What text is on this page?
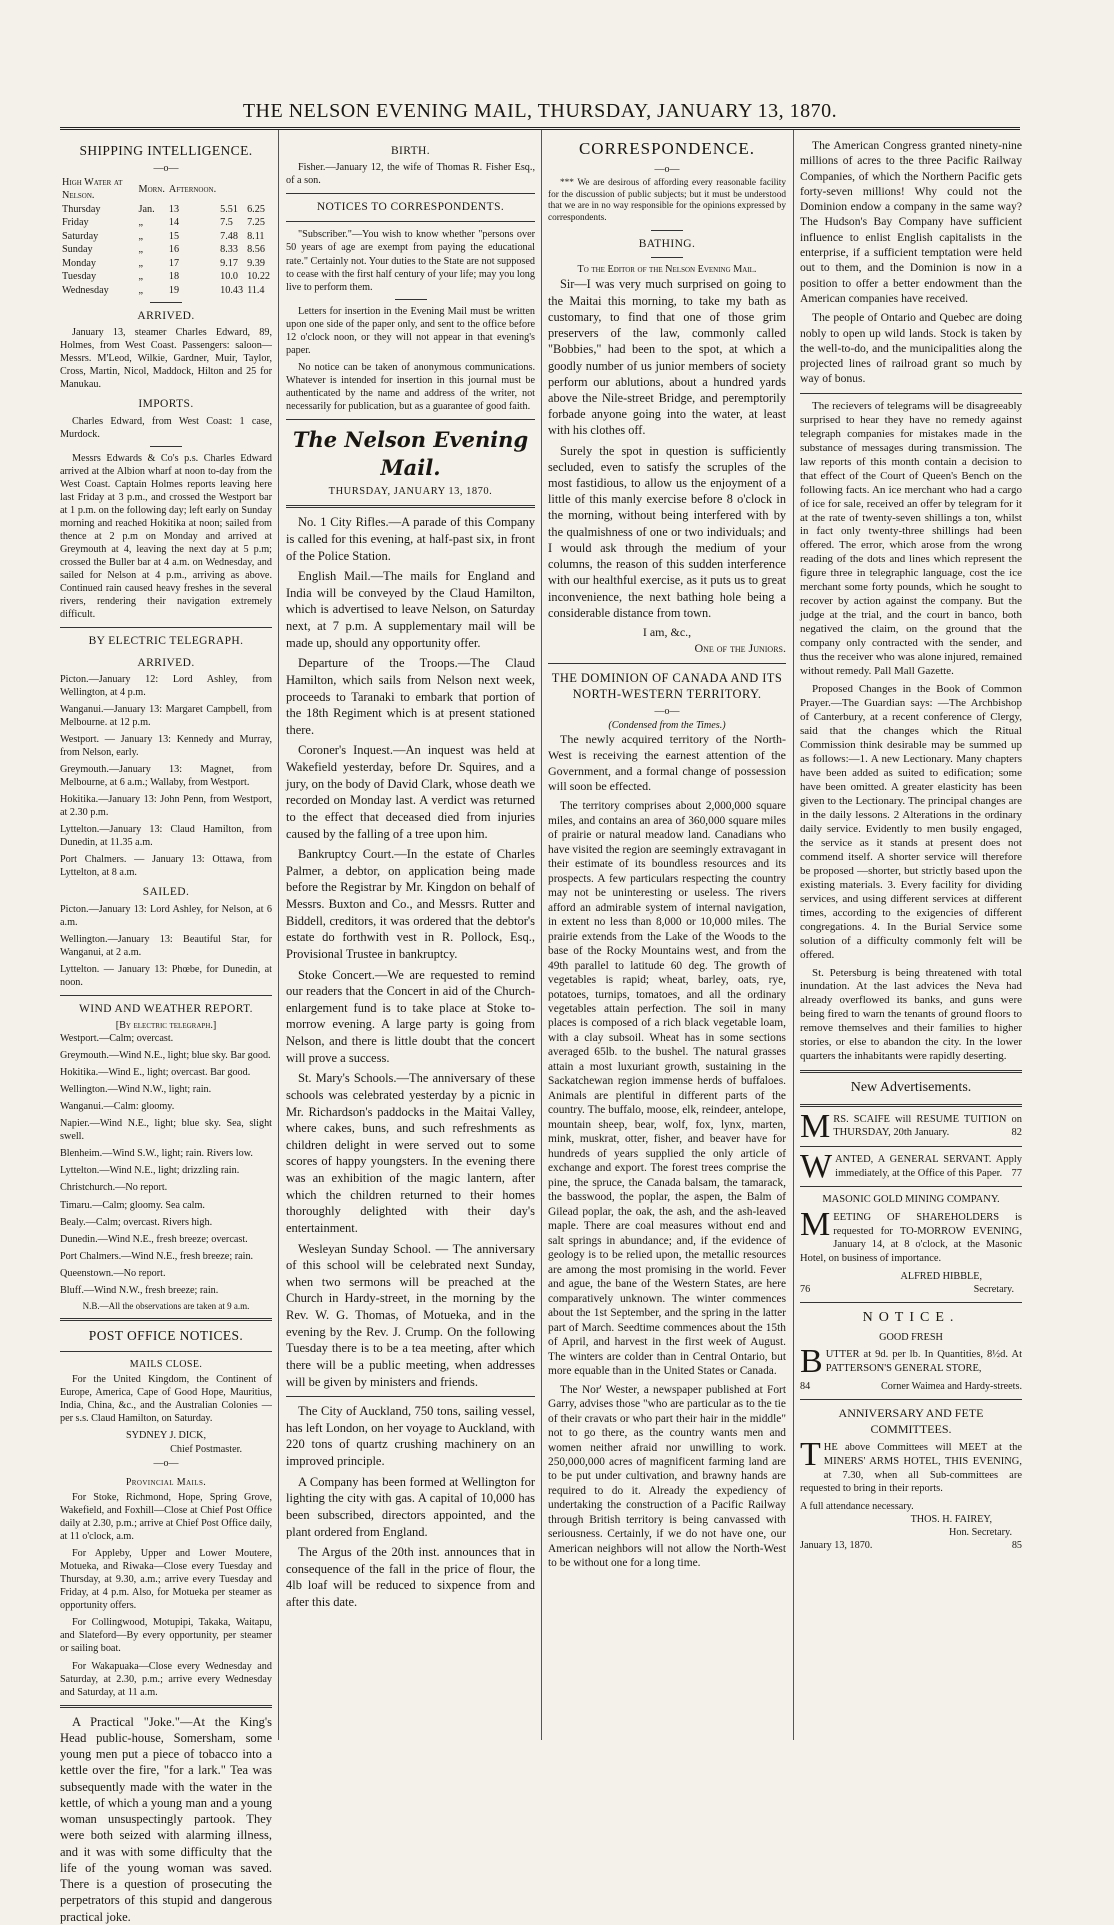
THE NELSON EVENING MAIL, THURSDAY, JANUARY 13, 1870.
SHIPPING INTELLIGENCE.
—o—
High Water at Nelson.	Morn.	Afternoon.		
Thursday	Jan.	13	5.51	6.25
Friday	„	14	7.5	7.25
Saturday	„	15	7.48	8.11
Sunday	„	16	8.33	8.56
Monday	„	17	9.17	9.39
Tuesday	„	18	10.0	10.22
Wednesday	„	19	10.43	11.4
ARRIVED.

January 13, steamer Charles Edward, 89, Holmes, from West Coast. Passengers: saloon—Messrs. M'Leod, Wilkie, Gardner, Muir, Taylor, Cross, Martin, Nicol, Maddock, Hilton and 25 for Manukau.

IMPORTS.

Charles Edward, from West Coast: 1 case, Murdock.

Messrs Edwards & Co's p.s. Charles Edward arrived at the Albion wharf at noon to-day from the West Coast. Captain Holmes reports leaving here last Friday at 3 p.m., and crossed the Westport bar at 1 p.m. on the following day; left early on Sunday morning and reached Hokitika at noon; sailed from thence at 2 p.m on Monday and arrived at Greymouth at 4, leaving the next day at 5 p.m; crossed the Buller bar at 4 a.m. on Wednesday, and sailed for Nelson at 4 p.m., arriving as above. Continued rain caused heavy freshes in the several rivers, rendering their navigation extremely difficult.

BY ELECTRIC TELEGRAPH.
ARRIVED.

Picton.—January 12: Lord Ashley, from Wellington, at 4 p.m.

Wanganui.—January 13: Margaret Campbell, from Melbourne. at 12 p.m.

Westport. — January 13: Kennedy and Murray, from Nelson, early.

Greymouth.—January 13: Magnet, from Melbourne, at 6 a.m.; Wallaby, from Westport.

Hokitika.—January 13: John Penn, from Westport, at 2.30 p.m.

Lyttelton.—January 13: Claud Hamilton, from Dunedin, at 11.35 a.m.

Port Chalmers. — January 13: Ottawa, from Lyttelton, at 8 a.m.

SAILED.

Picton.—January 13: Lord Ashley, for Nelson, at 6 a.m.

Wellington.—January 13: Beautiful Star, for Wanganui, at 2 a.m.

Lyttelton. — January 13: Phœbe, for Dunedin, at noon.

WIND AND WEATHER REPORT.
[By electric telegraph.]

Westport.—Calm; overcast.

Greymouth.—Wind N.E., light; blue sky. Bar good.

Hokitika.—Wind E., light; overcast. Bar good.

Wellington.—Wind N.W., light; rain.

Wanganui.—Calm: gloomy.

Napier.—Wind N.E., light; blue sky. Sea, slight swell.

Blenheim.—Wind S.W., light; rain. Rivers low.

Lyttelton.—Wind N.E., light; drizzling rain.

Christchurch.—No report.

Timaru.—Calm; gloomy. Sea calm.

Bealy.—Calm; overcast. Rivers high.

Dunedin.—Wind N.E., fresh breeze; overcast.

Port Chalmers.—Wind N.E., fresh breeze; rain.

Queenstown.—No report.

Bluff.—Wind N.W., fresh breeze; rain.

N.B.—All the observations are taken at 9 a.m.
POST OFFICE NOTICES.
MAILS CLOSE.

For the United Kingdom, the Continent of Europe, America, Cape of Good Hope, Mauritius, India, China, &c., and the Australian Colonies —per s.s. Claud Hamilton, on Saturday.

SYDNEY J. DICK,
Chief Postmaster.
—o—
Provincial Mails.

For Stoke, Richmond, Hope, Spring Grove, Wakefield, and Foxhill—Close at Chief Post Office daily at 2.30, p.m.; arrive at Chief Post Office daily, at 11 o'clock, a.m.

For Appleby, Upper and Lower Moutere, Motueka, and Riwaka—Close every Tuesday and Thursday, at 9.30, a.m.; arrive every Tuesday and Friday, at 4 p.m. Also, for Motueka per steamer as opportunity offers.

For Collingwood, Motupipi, Takaka, Waitapu, and Slateford—By every opportunity, per steamer or sailing boat.

For Wakapuaka—Close every Wednesday and Saturday, at 2.30, p.m.; arrive every Wednesday and Saturday, at 11 a.m.

A Practical "Joke."—At the King's Head public-house, Somersham, some young men put a piece of tobacco into a kettle over the fire, "for a lark." Tea was subsequently made with the water in the kettle, of which a young man and a young woman unsuspectingly partook. They were both seized with alarming illness, and it was with some difficulty that the life of the young woman was saved. There is a question of prosecuting the perpetrators of this stupid and dangerous practical joke.

BIRTH.

Fisher.—January 12, the wife of Thomas R. Fisher Esq., of a son.

NOTICES TO CORRESPONDENTS.

"Subscriber."—You wish to know whether "persons over 50 years of age are exempt from paying the educational rate." Certainly not. Your duties to the State are not supposed to cease with the first half century of your life; may you long live to perform them.

Letters for insertion in the Evening Mail must be written upon one side of the paper only, and sent to the office before 12 o'clock noon, or they will not appear in that evening's paper.

No notice can be taken of anonymous communications. Whatever is intended for insertion in this journal must be authenticated by the name and address of the writer, not necessarily for publication, but as a guarantee of good faith.

The Nelson Evening Mail.
THURSDAY, JANUARY 13, 1870.

No. 1 City Rifles.—A parade of this Company is called for this evening, at half-past six, in front of the Police Station.

English Mail.—The mails for England and India will be conveyed by the Claud Hamilton, which is advertised to leave Nelson, on Saturday next, at 7 p.m. A supplementary mail will be made up, should any opportunity offer.

Departure of the Troops.—The Claud Hamilton, which sails from Nelson next week, proceeds to Taranaki to embark that portion of the 18th Regiment which is at present stationed there.

Coroner's Inquest.—An inquest was held at Wakefield yesterday, before Dr. Squires, and a jury, on the body of David Clark, whose death we recorded on Monday last. A verdict was returned to the effect that deceased died from injuries caused by the falling of a tree upon him.

Bankruptcy Court.—In the estate of Charles Palmer, a debtor, on application being made before the Registrar by Mr. Kingdon on behalf of Messrs. Buxton and Co., and Messrs. Rutter and Biddell, creditors, it was ordered that the debtor's estate do forthwith vest in R. Pollock, Esq., Provisional Trustee in bankruptcy.

Stoke Concert.—We are requested to remind our readers that the Concert in aid of the Church-enlargement fund is to take place at Stoke to-morrow evening. A large party is going from Nelson, and there is little doubt that the concert will prove a success.

St. Mary's Schools.—The anniversary of these schools was celebrated yesterday by a picnic in Mr. Richardson's paddocks in the Maitai Valley, where cakes, buns, and such refreshments as children delight in were served out to some scores of happy youngsters. In the evening there was an exhibition of the magic lantern, after which the children returned to their homes thoroughly delighted with their day's entertainment.

Wesleyan Sunday School. — The anniversary of this school will be celebrated next Sunday, when two sermons will be preached at the Church in Hardy-street, in the morning by the Rev. W. G. Thomas, of Motueka, and in the evening by the Rev. J. Crump. On the following Tuesday there is to be a tea meeting, after which there will be a public meeting, when addresses will be given by ministers and friends.

The City of Auckland, 750 tons, sailing vessel, has left London, on her voyage to Auckland, with 220 tons of quartz crushing machinery on an improved principle.

A Company has been formed at Wellington for lighting the city with gas. A capital of 10,000 has been subscribed, directors appointed, and the plant ordered from England.

The Argus of the 20th inst. announces that in consequence of the fall in the price of flour, the 4lb loaf will be reduced to sixpence from and after this date.

CORRESPONDENCE.
—o—

*** We are desirous of affording every reasonable facility for the discussion of public subjects; but it must be understood that we are in no way responsible for the opinions expressed by correspondents.

BATHING.
To the Editor of the Nelson Evening Mail.

Sir—I was very much surprised on going to the Maitai this morning, to take my bath as customary, to find that one of those grim preservers of the law, commonly called "Bobbies," had been to the spot, at which a goodly number of us junior members of society perform our ablutions, about a hundred yards above the Nile-street Bridge, and peremptorily forbade anyone going into the water, at least with his clothes off.

Surely the spot in question is sufficiently secluded, even to satisfy the scruples of the most fastidious, to allow us the enjoyment of a little of this manly exercise before 8 o'clock in the morning, without being interfered with by the qualmishness of one or two individuals; and I would ask through the medium of your columns, the reason of this sudden interference with our healthful exercise, as it puts us to great inconvenience, the next bathing hole being a considerable distance from town.

I am, &c.,
One of the Juniors.
THE DOMINION OF CANADA AND ITS NORTH-WESTERN TERRITORY.
—o—
(Condensed from the Times.)

The newly acquired territory of the North-West is receiving the earnest attention of the Government, and a formal change of possession will soon be effected.

The territory comprises about 2,000,000 square miles, and contains an area of 360,000 square miles of prairie or natural meadow land. Canadians who have visited the region are seemingly extravagant in their estimate of its boundless resources and its prospects. A few particulars respecting the country may not be uninteresting or useless. The rivers afford an admirable system of internal navigation, in extent no less than 8,000 or 10,000 miles. The prairie extends from the Lake of the Woods to the base of the Rocky Mountains west, and from the 49th parallel to latitude 60 deg. The growth of vegetables is rapid; wheat, barley, oats, rye, potatoes, turnips, tomatoes, and all the ordinary vegetables attain perfection. The soil in many places is composed of a rich black vegetable loam, with a clay subsoil. Wheat has in some sections averaged 65lb. to the bushel. The natural grasses attain a most luxuriant growth, sustaining in the Sackatchewan region immense herds of buffaloes. Animals are plentiful in different parts of the country. The buffalo, moose, elk, reindeer, antelope, mountain sheep, bear, wolf, fox, lynx, marten, mink, muskrat, otter, fisher, and beaver have for hundreds of years supplied the only article of exchange and export. The forest trees comprise the pine, the spruce, the Canada balsam, the tamarack, the basswood, the poplar, the aspen, the Balm of Gilead poplar, the oak, the ash, and the ash-leaved maple. There are coal measures without end and salt springs in abundance; and, if the evidence of geology is to be relied upon, the metallic resources are among the most promising in the world. Fever and ague, the bane of the Western States, are here comparatively unknown. The winter commences about the 1st September, and the spring in the latter part of March. Seedtime commences about the 15th of April, and harvest in the first week of August. The winters are colder than in Central Ontario, but more equable than in the United States or Canada.

The Nor' Wester, a newspaper published at Fort Garry, advises those "who are particular as to the tie of their cravats or who part their hair in the middle" not to go there, as the country wants men and women neither afraid nor unwilling to work. 250,000,000 acres of magnificent farming land are to be put under cultivation, and brawny hands are required to do it. Already the expediency of undertaking the construction of a Pacific Railway through British territory is being canvassed with seriousness. Certainly, if we do not have one, our American neighbors will not allow the North-West to be without one for a long time.

The American Congress granted ninety-nine millions of acres to the three Pacific Railway Companies, of which the Northern Pacific gets forty-seven millions! Why could not the Dominion endow a company in the same way? The Hudson's Bay Company have sufficient influence to enlist English capitalists in the enterprise, if a sufficient temptation were held out to them, and the Dominion is now in a position to offer a better endowment than the American companies have received.

The people of Ontario and Quebec are doing nobly to open up wild lands. Stock is taken by the well-to-do, and the municipalities along the projected lines of railroad grant so much by way of bonus.

The recievers of telegrams will be disagreeably surprised to hear they have no remedy against telegraph companies for mistakes made in the substance of messages during transmission. The law reports of this month contain a decision to that effect of the Court of Queen's Bench on the following facts. An ice merchant who had a cargo of ice for sale, received an offer by telegram for it at the rate of twenty-seven shillings a ton, whilst in fact only twenty-three shillings had been offered. The error, which arose from the wrong reading of the dots and lines which represent the figure three in telegraphic language, cost the ice merchant some forty pounds, which he sought to recover by action against the company. But the judge at the trial, and the court in banco, both negatived the claim, on the ground that the company only contracted with the sender, and thus the receiver who was alone injured, remained without remedy. Pall Mall Gazette.

Proposed Changes in the Book of Common Prayer.—The Guardian says: —The Archbishop of Canterbury, at a recent conference of Clergy, said that the changes which the Ritual Commission think desirable may be summed up as follows:—1. A new Lectionary. Many chapters have been added as suited to edification; some have been omitted. A greater elasticity has been given to the Lectionary. The principal changes are in the daily lessons. 2 Alterations in the ordinary daily service. Evidently to men busily engaged, the service as it stands at present does not commend itself. A shorter service will therefore be proposed —shorter, but strictly based upon the existing materials. 3. Every facility for dividing services, and using different services at different times, according to the exigencies of different congregations. 4. In the Burial Service some solution of a difficulty commonly felt will be offered.

St. Petersburg is being threatened with total inundation. At the last advices the Neva had already overflowed its banks, and guns were being fired to warn the tenants of ground floors to remove themselves and their families to higher stories, or else to abandon the city. In the lower quarters the inhabitants were rapidly deserting.

New Advertisements.
M RS. SCAIFE will RESUME TUITION on THURSDAY, 20th January.	82
W ANTED, A GENERAL SERVANT. Apply immediately, at the Office of this Paper. 77
MASONIC GOLD MINING COMPANY.
M EETING OF SHAREHOLDERS is requested for TO-MORROW EVENING, January 14, at 8 o'clock, at the Masonic Hotel, on business of importance.
ALFRED HIBBLE,
76	Secretary.
NOTICE.
GOOD FRESH
B UTTER at 9d. per lb. In Quantities, 8½d. At PATTERSON'S GENERAL STORE,
84	Corner Waimea and Hardy-streets.
ANNIVERSARY AND FETE COMMITTEES.
T HE above Committees will MEET at the MINERS' ARMS HOTEL, THIS EVENING, at 7.30, when all Sub-committees are requested to bring in their reports.
A full attendance necessary.
THOS. H. FAIREY,
Hon. Secretary.
January 13, 1870.	85
